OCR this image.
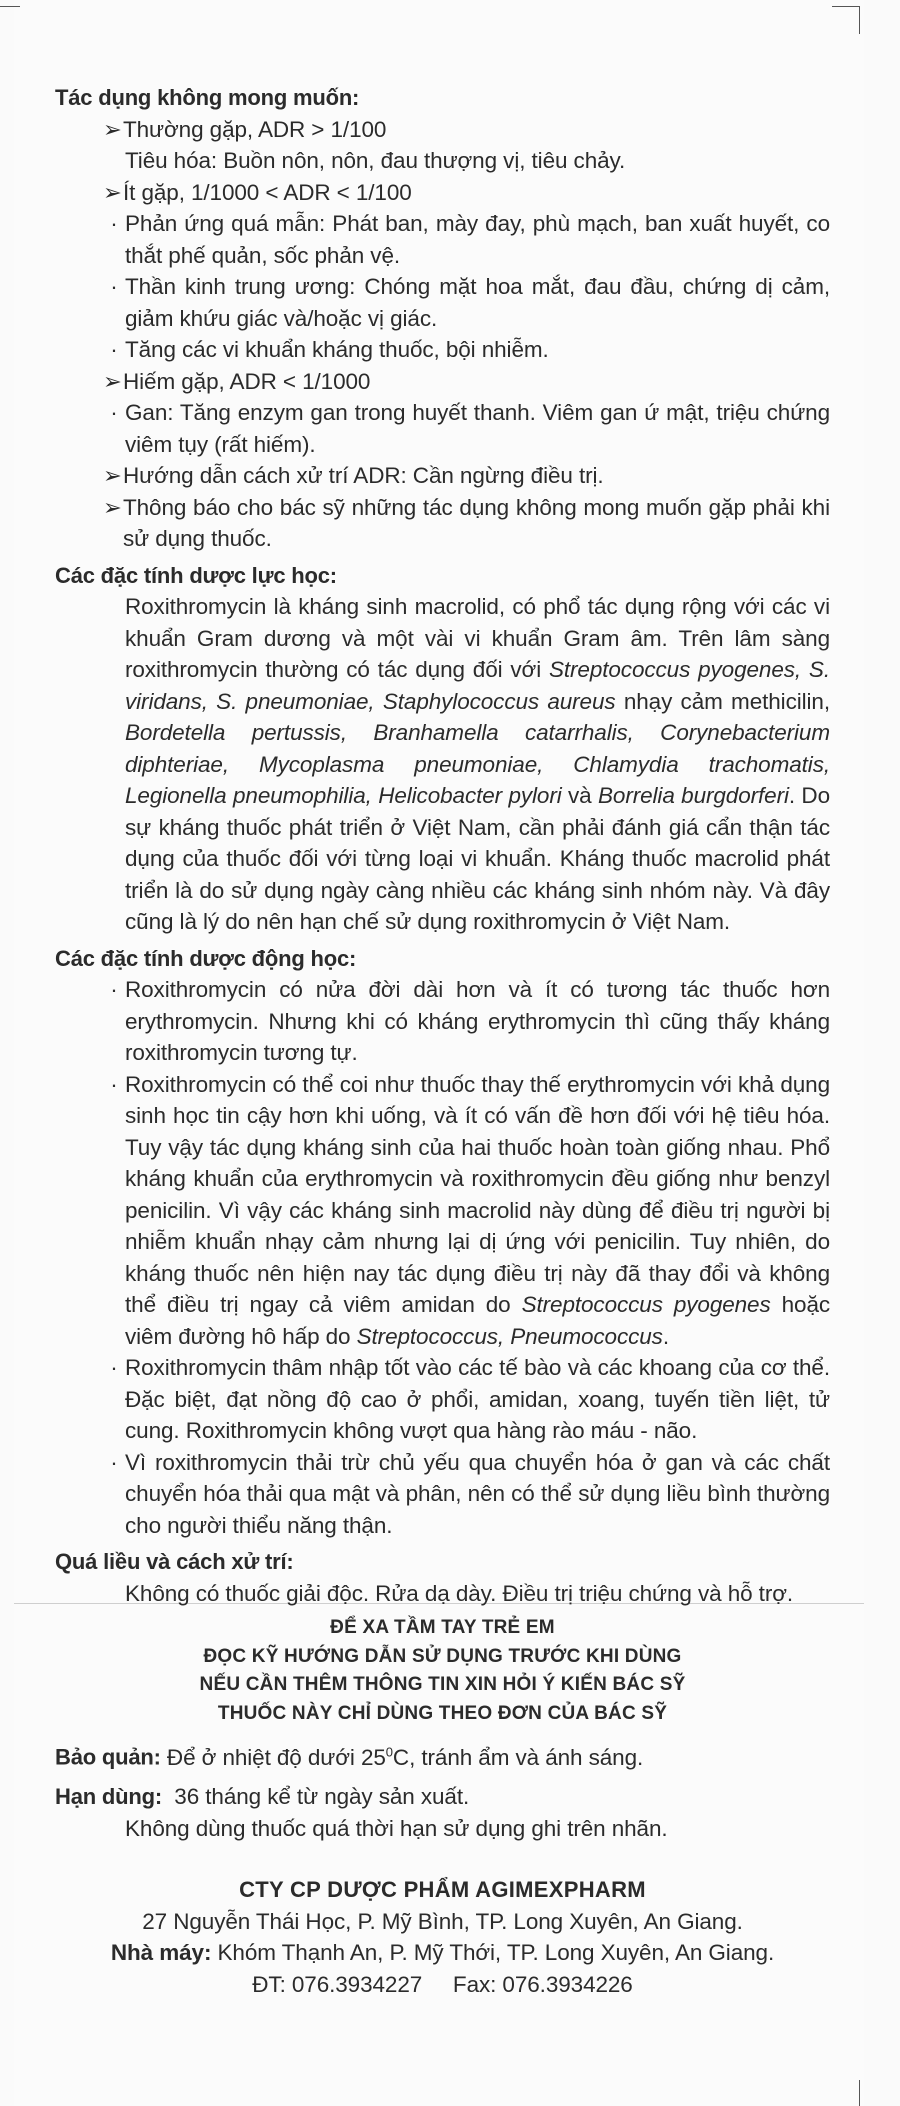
Tác dụng không mong muốn:
➢ Thường gặp, ADR > 1/100
Tiêu hóa: Buồn nôn, nôn, đau thượng vị, tiêu chảy.
➢ Ít gặp, 1/1000 < ADR < 1/100
· Phản ứng quá mẫn: Phát ban, mày đay, phù mạch, ban xuất huyết, co thắt phế quản, sốc phản vệ.
· Thần kinh trung ương: Chóng mặt hoa mắt, đau đầu, chứng dị cảm, giảm khứu giác và/hoặc vị giác.
· Tăng các vi khuẩn kháng thuốc, bội nhiễm.
➢ Hiếm gặp, ADR < 1/1000
· Gan: Tăng enzym gan trong huyết thanh. Viêm gan ứ mật, triệu chứng viêm tụy (rất hiếm).
➢ Hướng dẫn cách xử trí ADR: Cần ngừng điều trị.
➢ Thông báo cho bác sỹ những tác dụng không mong muốn gặp phải khi sử dụng thuốc.
Các đặc tính dược lực học:
Roxithromycin là kháng sinh macrolid, có phổ tác dụng rộng với các vi khuẩn Gram dương và một vài vi khuẩn Gram âm. Trên lâm sàng roxithromycin thường có tác dụng đối với Streptococcus pyogenes, S. viridans, S. pneumoniae, Staphylococcus aureus nhạy cảm methicilin, Bordetella pertussis, Branhamella catarrhalis, Corynebacterium diphteriae, Mycoplasma pneumoniae, Chlamydia trachomatis, Legionella pneumophilia, Helicobacter pylori và Borrelia burgdorferi. Do sự kháng thuốc phát triển ở Việt Nam, cần phải đánh giá cẩn thận tác dụng của thuốc đối với từng loại vi khuẩn. Kháng thuốc macrolid phát triển là do sử dụng ngày càng nhiều các kháng sinh nhóm này. Và đây cũng là lý do nên hạn chế sử dụng roxithromycin ở Việt Nam.
Các đặc tính dược động học:
· Roxithromycin có nửa đời dài hơn và ít có tương tác thuốc hơn erythromycin. Nhưng khi có kháng erythromycin thì cũng thấy kháng roxithromycin tương tự.
· Roxithromycin có thể coi như thuốc thay thế erythromycin với khả dụng sinh học tin cậy hơn khi uống, và ít có vấn đề hơn đối với hệ tiêu hóa. Tuy vậy tác dụng kháng sinh của hai thuốc hoàn toàn giống nhau. Phổ kháng khuẩn của erythromycin và roxithromycin đều giống như benzyl penicilin. Vì vậy các kháng sinh macrolid này dùng để điều trị người bị nhiễm khuẩn nhạy cảm nhưng lại dị ứng với penicilin. Tuy nhiên, do kháng thuốc nên hiện nay tác dụng điều trị này đã thay đổi và không thể điều trị ngay cả viêm amidan do Streptococcus pyogenes hoặc viêm đường hô hấp do Streptococcus, Pneumococcus.
· Roxithromycin thâm nhập tốt vào các tế bào và các khoang của cơ thể. Đặc biệt, đạt nồng độ cao ở phổi, amidan, xoang, tuyến tiền liệt, tử cung. Roxithromycin không vượt qua hàng rào máu - não.
· Vì roxithromycin thải trừ chủ yếu qua chuyển hóa ở gan và các chất chuyển hóa thải qua mật và phân, nên có thể sử dụng liều bình thường cho người thiểu năng thận.
Quá liều và cách xử trí:
Không có thuốc giải độc. Rửa dạ dày. Điều trị triệu chứng và hỗ trợ.
ĐỂ XA TẦM TAY TRẺ EM
ĐỌC KỸ HƯỚNG DẪN SỬ DỤNG TRƯỚC KHI DÙNG
NẾU CẦN THÊM THÔNG TIN XIN HỎI Ý KIẾN BÁC SỸ
THUỐC NÀY CHỈ DÙNG THEO ĐƠN CỦA BÁC SỸ
Bảo quản: Để ở nhiệt độ dưới $25^0C$, tránh ẩm và ánh sáng.
Hạn dùng: 36 tháng kể từ ngày sản xuất.
Không dùng thuốc quá thời hạn sử dụng ghi trên nhãn.
CTY CP DƯỢC PHẨM AGIMEXPHARM
27 Nguyễn Thái Học, P. Mỹ Bình, TP. Long Xuyên, An Giang.
Nhà máy: Khóm Thạnh An, P. Mỹ Thới, TP. Long Xuyên, An Giang.
ĐT: 076.3934227 Fax: 076.3934226
